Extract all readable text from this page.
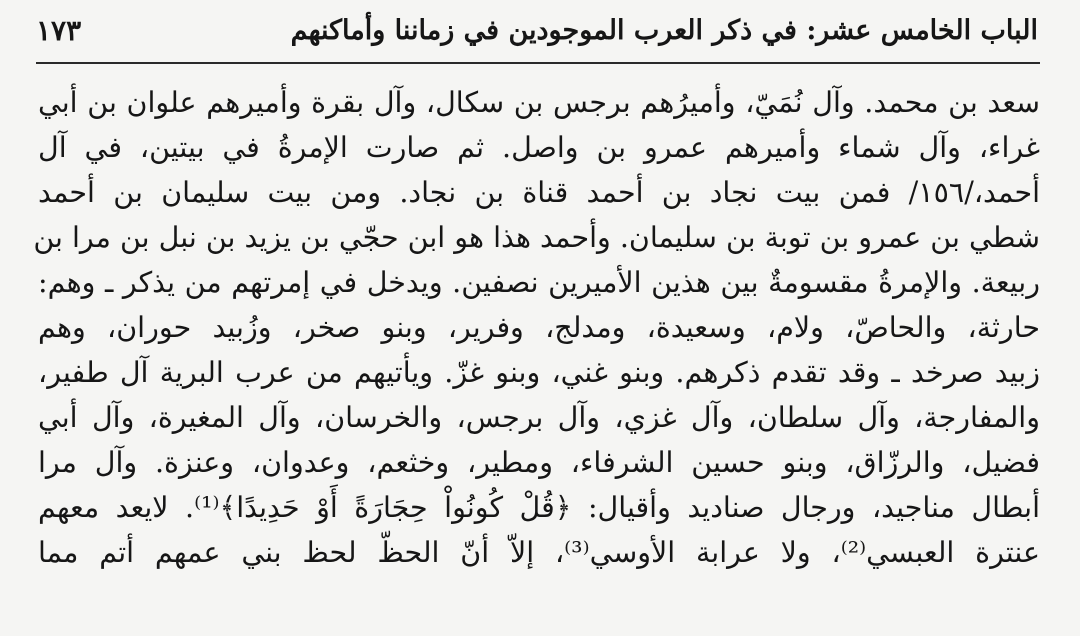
الباب الخامس عشر: في ذكر العرب الموجودين في زماننا وأماكنهم
١٧٣
سعد بن محمد. وآل نُمَيّ، وأميرُهم برجس بن سكال، وآل بقرة وأميرهم علوان بن أبي
غراء، وآل شماء وأميرهم عمرو بن واصل. ثم صارت الإمرةُ في بيتين، في آل
أحمد،/١٥٦/ فمن بيت نجاد بن أحمد قناة بن نجاد. ومن بيت سليمان بن أحمد
شطي بن عمرو بن توبة بن سليمان. وأحمد هذا هو ابن حجّي بن يزيد بن نبل بن مرا بن
ربيعة. والإمرةُ مقسومةٌ بين هذين الأميرين نصفين. ويدخل في إمرتهم من يذكر ـ وهم:
حارثة، والحاصّ، ولام، وسعيدة، ومدلج، وفرير، وبنو صخر، وزُبيد حوران، وهم
زبيد صرخد ـ وقد تقدم ذكرهم. وبنو غني، وبنو غزّ. ويأتيهم من عرب البرية آل طفير،
والمفارجة، وآل سلطان، وآل غزي، وآل برجس، والخرسان، وآل المغيرة، وآل أبي
فضيل، والرزّاق، وبنو حسين الشرفاء، ومطير، وخثعم، وعدوان، وعنزة. وآل مرا
أبطال مناجيد، ورجال صناديد وأقيال: ﴿قُلْ كُونُواْ حِجَارَةً أَوْ حَدِيدًا﴾⁽¹⁾. لايعد معهم
عنترة العبسي⁽²⁾، ولا عرابة الأوسي⁽³⁾، إلاّ أنّ الحظّ لحظ بني عمهم أتم مما
